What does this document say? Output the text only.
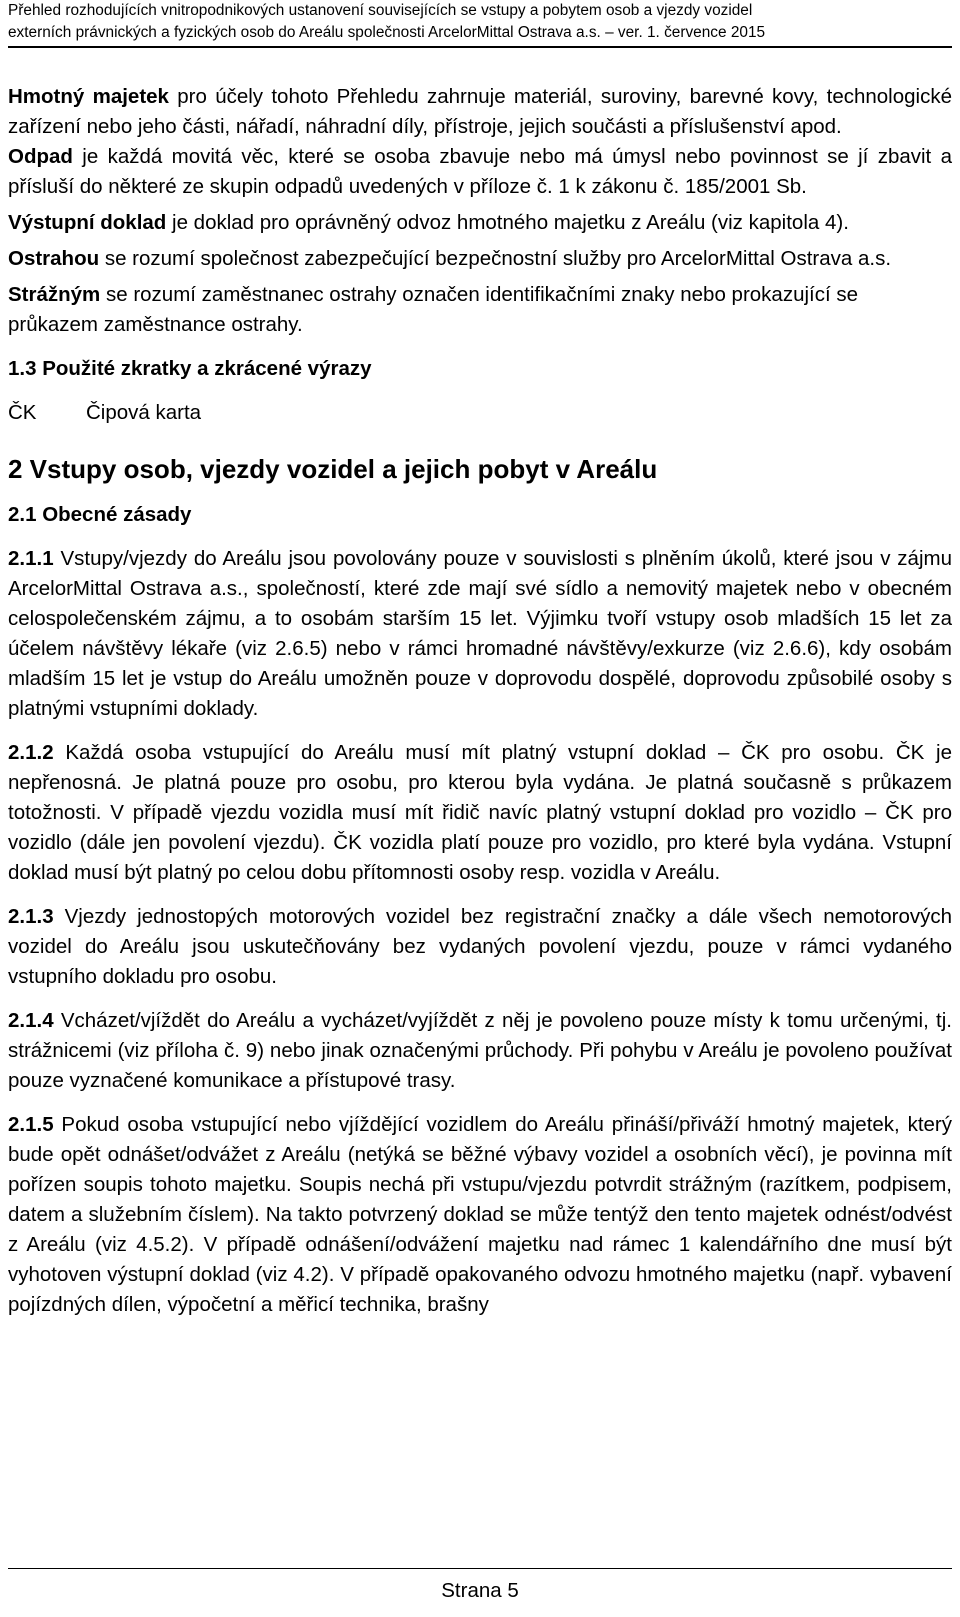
Přehled rozhodujících vnitropodnikových ustanovení souvisejících se vstupy a pobytem osob a vjezdy vozidel
externích právnických a fyzických osob do Areálu společnosti ArcelorMittal Ostrava a.s. – ver. 1. července 2015

Hmotný majetek pro účely tohoto Přehledu zahrnuje materiál, suroviny, barevné kovy, technologické zařízení nebo jeho části, nářadí, náhradní díly, přístroje, jejich součásti a příslušenství apod.

Odpad je každá movitá věc, které se osoba zbavuje nebo má úmysl nebo povinnost se jí zbavit a přísluší do některé ze skupin odpadů uvedených v příloze č. 1 k zákonu č. 185/2001 Sb.

Výstupní doklad je doklad pro oprávněný odvoz hmotného majetku z Areálu (viz kapitola 4).

Ostrahou se rozumí společnost zabezpečující bezpečnostní služby pro ArcelorMittal Ostrava a.s.

Strážným se rozumí zaměstnanec ostrahy označen identifikačními znaky nebo prokazující se průkazem zaměstnance ostrahy.

1.3 Použité zkratky a zkrácené výrazy
ČK	Čipová karta
2 Vstupy osob, vjezdy vozidel a jejich pobyt v Areálu
2.1 Obecné zásady

2.1.1 Vstupy/vjezdy do Areálu jsou povolovány pouze v souvislosti s plněním úkolů, které jsou v zájmu ArcelorMittal Ostrava a.s., společností, které zde mají své sídlo a nemovitý majetek nebo v obecném celospolečenském zájmu, a to osobám starším 15 let. Výjimku tvoří vstupy osob mladších 15 let za účelem návštěvy lékaře (viz 2.6.5) nebo v rámci hromadné návštěvy/exkurze (viz 2.6.6), kdy osobám mladším 15 let je vstup do Areálu umožněn pouze v doprovodu dospělé, doprovodu způsobilé osoby s platnými vstupními doklady.

2.1.2 Každá osoba vstupující do Areálu musí mít platný vstupní doklad – ČK pro osobu. ČK je nepřenosná. Je platná pouze pro osobu, pro kterou byla vydána. Je platná současně s průkazem totožnosti. V případě vjezdu vozidla musí mít řidič navíc platný vstupní doklad pro vozidlo – ČK pro vozidlo (dále jen povolení vjezdu). ČK vozidla platí pouze pro vozidlo, pro které byla vydána. Vstupní doklad musí být platný po celou dobu přítomnosti osoby resp. vozidla v Areálu.

2.1.3 Vjezdy jednostopých motorových vozidel bez registrační značky a dále všech nemotorových vozidel do Areálu jsou uskutečňovány bez vydaných povolení vjezdu, pouze v rámci vydaného vstupního dokladu pro osobu.

2.1.4 Vcházet/vjíždět do Areálu a vycházet/vyjíždět z něj je povoleno pouze místy k tomu určenými, tj. strážnicemi (viz příloha č. 9) nebo jinak označenými průchody. Při pohybu v Areálu je povoleno používat pouze vyznačené komunikace a přístupové trasy.

2.1.5 Pokud osoba vstupující nebo vjíždějící vozidlem do Areálu přináší/přiváží hmotný majetek, který bude opět odnášet/odvážet z Areálu (netýká se běžné výbavy vozidel a osobních věcí), je povinna mít pořízen soupis tohoto majetku. Soupis nechá při vstupu/vjezdu potvrdit strážným (razítkem, podpisem, datem a služebním číslem). Na takto potvrzený doklad se může tentýž den tento majetek odnést/odvést z Areálu (viz 4.5.2). V případě odnášení/odvážení majetku nad rámec 1 kalendářního dne musí být vyhotoven výstupní doklad (viz 4.2). V případě opakovaného odvozu hmotného majetku (např. vybavení pojízdných dílen, výpočetní a měřicí technika, brašny

Strana 5
